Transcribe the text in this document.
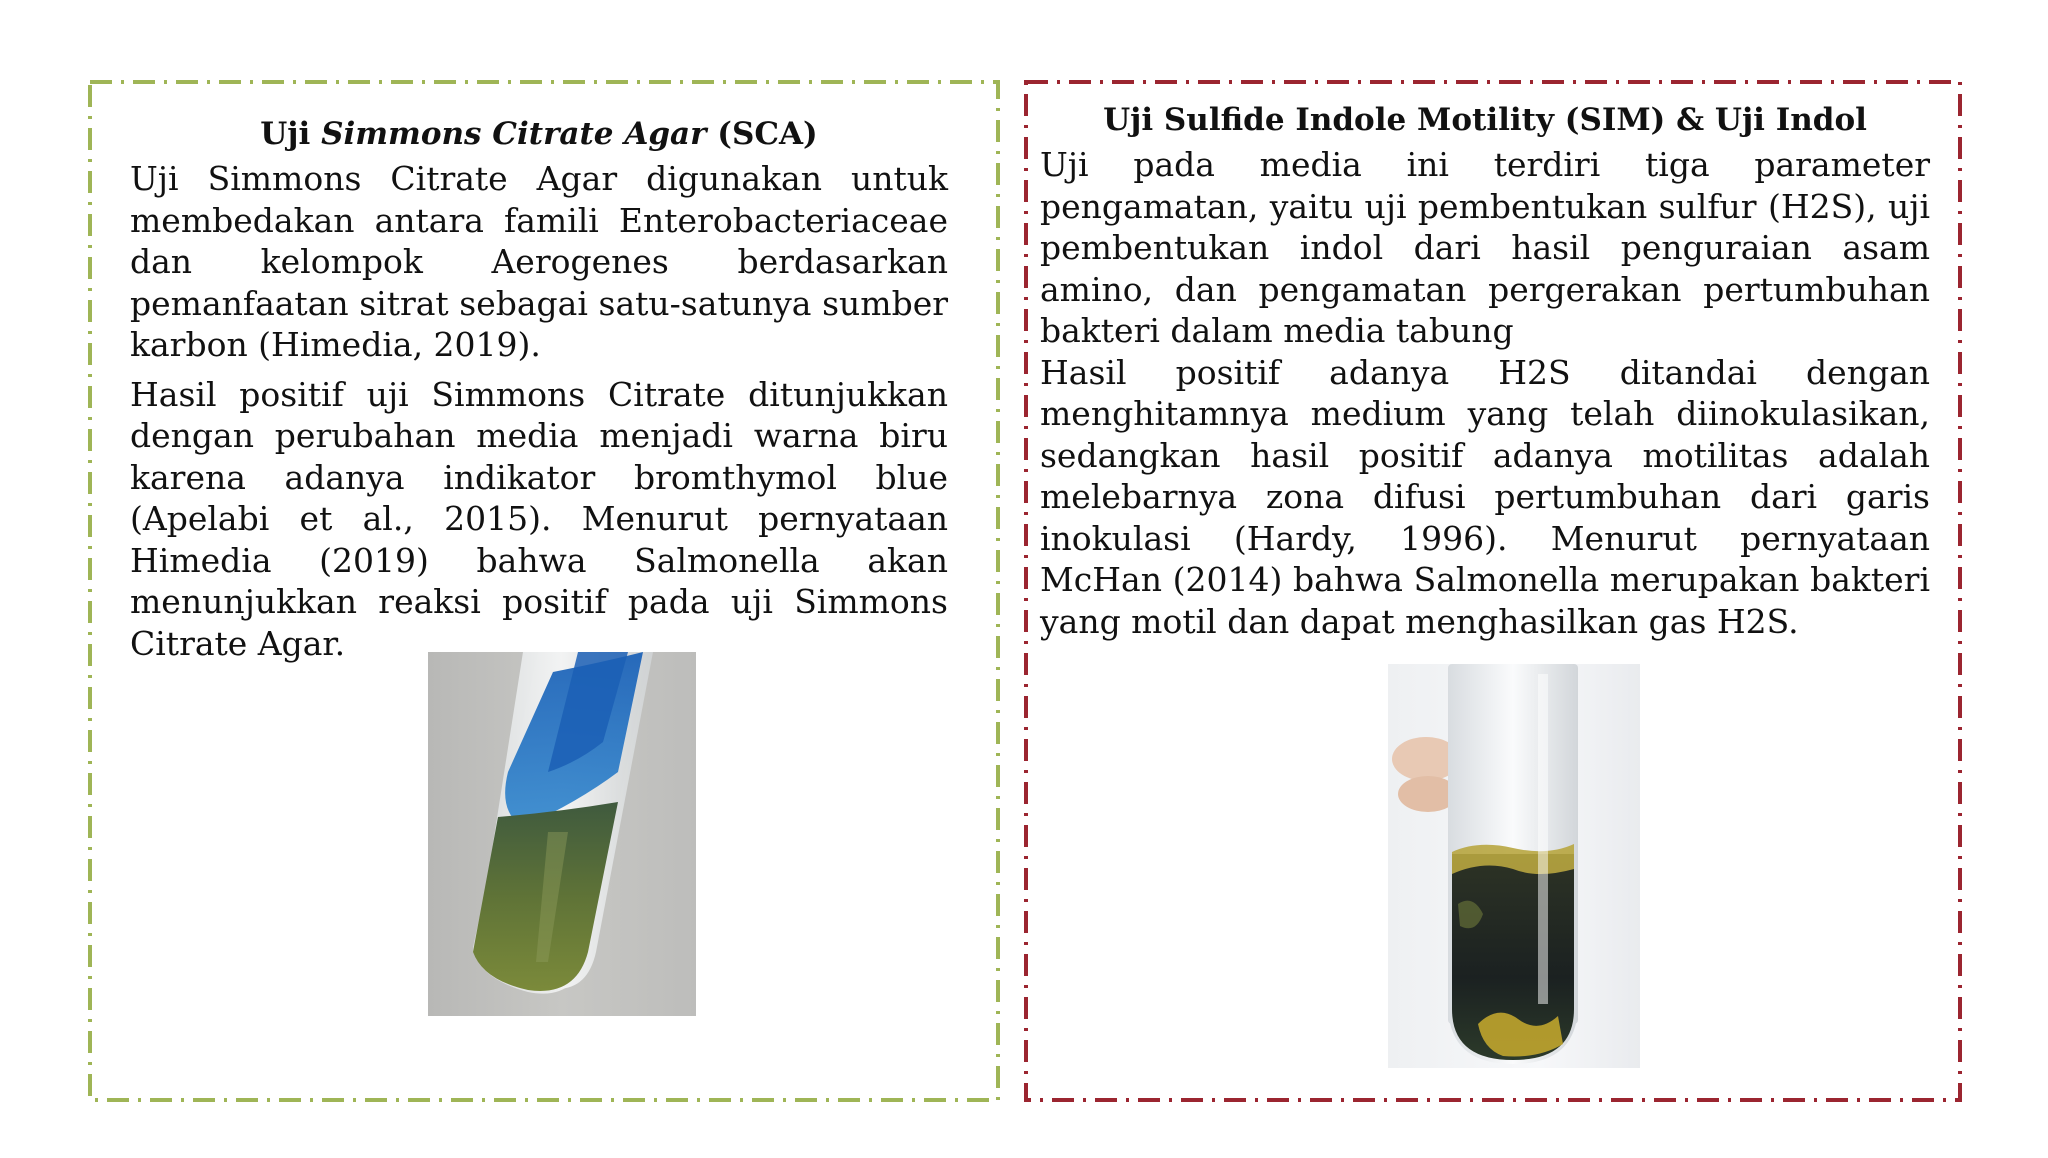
Uji Simmons Citrate Agar (SCA)

Uji Simmons Citrate Agar digunakan untuk membedakan antara famili Enterobacteriaceae dan kelompok Aerogenes berdasarkan pemanfaatan sitrat sebagai satu-satunya sumber karbon (Himedia, 2019).

Hasil positif uji Simmons Citrate ditunjukkan dengan perubahan media menjadi warna biru karena adanya indikator bromthymol blue (Apelabi et al., 2015). Menurut pernyataan Himedia (2019) bahwa Salmonella akan menunjukkan reaksi positif pada uji Simmons Citrate Agar.

Uji Sulfide Indole Motility (SIM) & Uji Indol

Uji pada media ini terdiri tiga parameter pengamatan, yaitu uji pembentukan sulfur (H2S), uji pembentukan indol dari hasil penguraian asam amino, dan pengamatan pergerakan pertumbuhan bakteri dalam media tabung

Hasil positif adanya H2S ditandai dengan menghitamnya medium yang telah diinokulasikan, sedangkan hasil positif adanya motilitas adalah melebarnya zona difusi pertumbuhan dari garis inokulasi (Hardy, 1996). Menurut pernyataan McHan (2014) bahwa Salmonella merupakan bakteri yang motil dan dapat menghasilkan gas H2S.
